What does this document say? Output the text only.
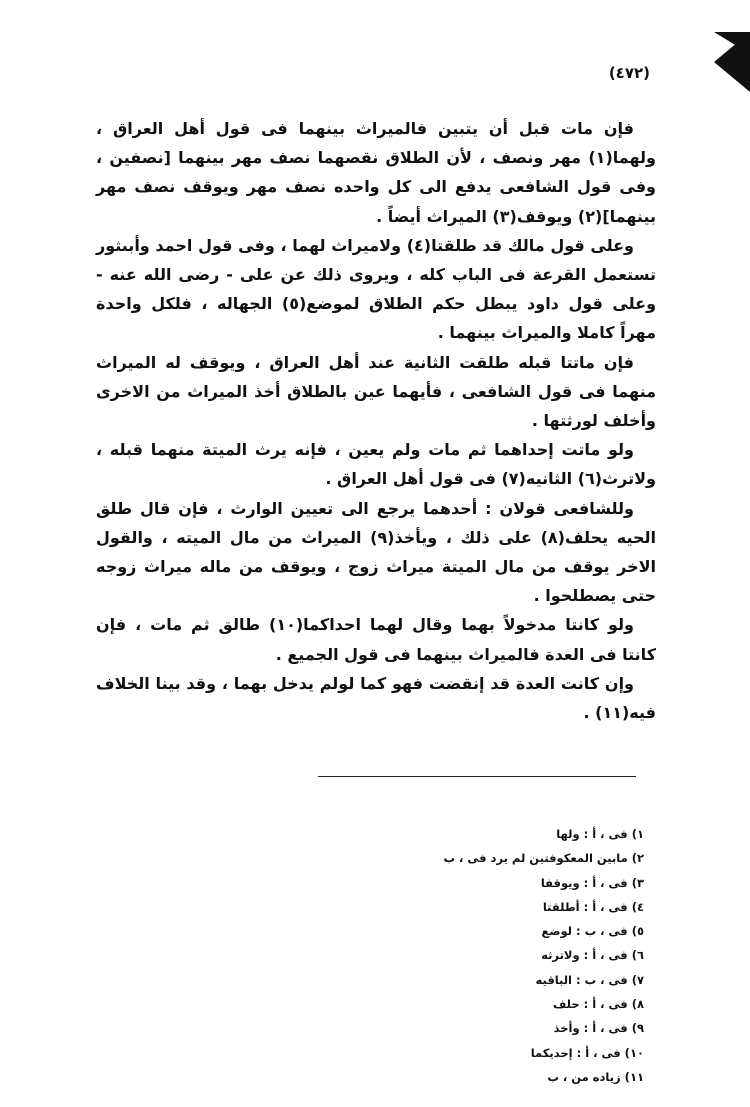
(٤٧٢)

فإن مات قبل أن يتبين فالميراث بينهما فى قول أهل العراق ، ولهما(١) مهر ونصف ، لأن الطلاق نقصهما نصف مهر بينهما [نصفين ، وفى قول الشافعى يدفع الى كل واحده نصف مهر ويوقف نصف مهر بينهما](٢) ويوقف(٣) الميراث أيضاً .

وعلى قول مالك قد طلقتا(٤) ولاميراث لهما ، وفى قول احمد وأبىثور تستعمل القرعة فى الباب كله ، ويروى ذلك عن على - رضى الله عنه - وعلى قول داود يبطل حكم الطلاق لموضع(٥) الجهاله ، فلكل واحدة مهراً كاملا والميراث بينهما .

فإن ماتتا قبله طلقت الثانية عند أهل العراق ، ويوقف له الميراث منهما فى قول الشافعى ، فأيهما عين بالطلاق أخذ الميراث من الاخرى وأخلف لورثتها .

ولو ماتت إحداهما ثم مات ولم يعين ، فإنه يرث الميتة منهما قبله ، ولاترث(٦) الثانيه(٧) فى قول أهل العراق .

وللشافعى قولان : أحدهما يرجع الى تعيين الوارث ، فإن قال طلق الحيه يحلف(٨) على ذلك ، ويأخذ(٩) الميراث من مال الميته ، والقول الاخر يوقف من مال الميتة ميراث زوج ، ويوقف من ماله ميراث زوجه حتى يصطلحوا .

ولو كانتا مدخولاً بهما وقال لهما احداكما(١٠) طالق ثم مات ، فإن كانتا فى العدة فالميراث بينهما فى قول الجميع .

وإن كانت العدة قد إنقضت فهو كما لولم يدخل بهما ، وقد بينا الخلاف فيه(١١) .

١) فى ، أ : ولها
٢) مابين المعكوفتين لم يرد فى ، ب
٣) فى ، أ : ويوقفا
٤) فى ، أ : أطلقتا
٥) فى ، ب : لوضع
٦) فى ، أ : ولاترثه
٧) فى ، ب : الباقيه
٨) فى ، أ : حلف
٩) فى ، أ : وأخذ
١٠) فى ، أ : إحديكما
١١) زياده من ، ب
